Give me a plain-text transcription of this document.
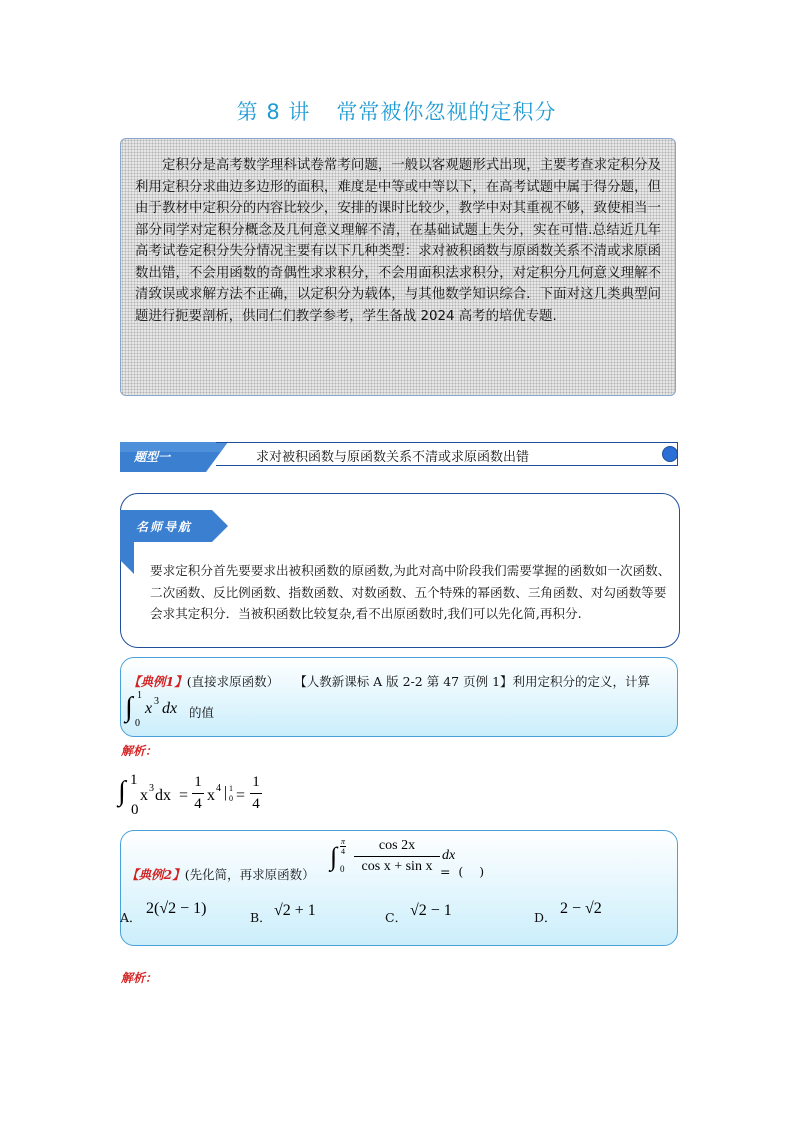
第 8 讲 常常被你忽视的定积分

定积分是高考数学理科试卷常考问题，一般以客观题形式出现，主要考查求定积分及利用定积分求曲边多边形的面积，难度是中等或中等以下，在高考试题中属于得分题，但由于教材中定积分的内容比较少，安排的课时比较少，教学中对其重视不够，致使相当一部分同学对定积分概念及几何意义理解不清，在基础试题上失分，实在可惜.总结近几年高考试卷定积分失分情况主要有以下几种类型：求对被积函数与原函数关系不清或求原函数出错，不会用函数的奇偶性求求积分，不会用面积法求积分，对定积分几何意义理解不清致误或求解方法不正确，以定积分为载体，与其他数学知识综合．下面对这几类典型问题进行扼要剖析，供同仁们教学参考，学生备战 2024 高考的培优专题.

题型一	求对被积函数与原函数关系不清或求原函数出错
名师导航
要求定积分首先要要求出被积函数的原函数,为此对高中阶段我们需要掌握的函数如一次函数、二次函数、反比例函数、指数函数、对数函数、五个特殊的幂函数、三角函数、对勾函数等要会求其定积分．当被积函数比较复杂,看不出原函数时,我们可以先化简,再积分.
【典例1】(直接求原函数） 【人教新课标 A 版 2-2 第 47 页例 1】利用定积分的定义，计算
∫ 1
0
x 3 dx 的值
解析：
∫ 1
0
x 3 dx =
1
4 x 4 | 1
0 =
1
4
【典例2】(先化简，再求原函数）
∫
π
4
0
cos 2x
cos x + sin x
dx
=  (    )
A．
2(√2 − 1)
B． √2 + 1	C． √2 − 1	D．
2 − √2
解析：
